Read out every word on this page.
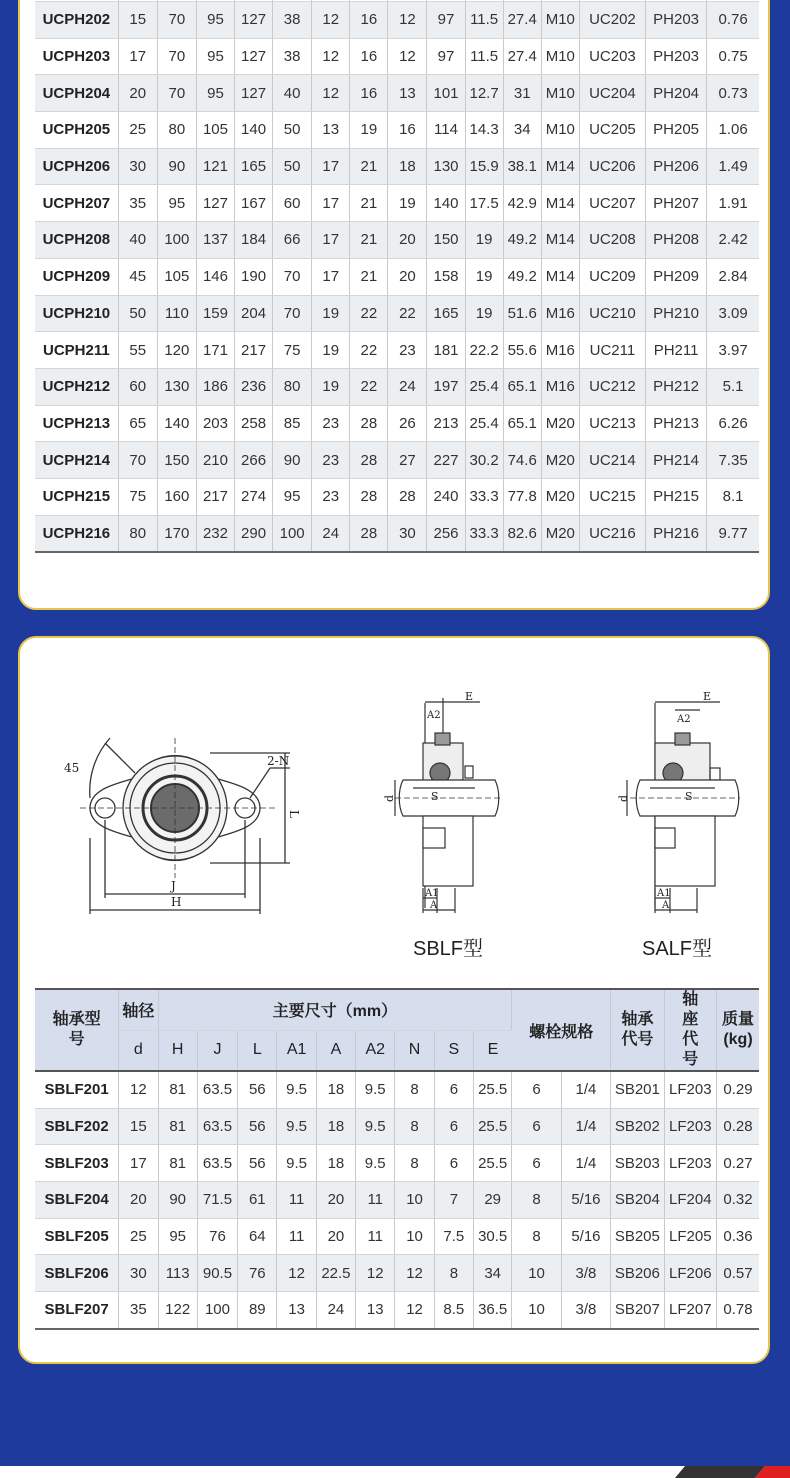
UCPH202	15	70	95	127	38	12	16	12	97	11.5	27.4	M10	UC202	PH203	0.76
UCPH203	17	70	95	127	38	12	16	12	97	11.5	27.4	M10	UC203	PH203	0.75
UCPH204	20	70	95	127	40	12	16	13	101	12.7	31	M10	UC204	PH204	0.73
UCPH205	25	80	105	140	50	13	19	16	114	14.3	34	M10	UC205	PH205	1.06
UCPH206	30	90	121	165	50	17	21	18	130	15.9	38.1	M14	UC206	PH206	1.49
UCPH207	35	95	127	167	60	17	21	19	140	17.5	42.9	M14	UC207	PH207	1.91
UCPH208	40	100	137	184	66	17	21	20	150	19	49.2	M14	UC208	PH208	2.42
UCPH209	45	105	146	190	70	17	21	20	158	19	49.2	M14	UC209	PH209	2.84
UCPH210	50	110	159	204	70	19	22	22	165	19	51.6	M16	UC210	PH210	3.09
UCPH211	55	120	171	217	75	19	22	23	181	22.2	55.6	M16	UC211	PH211	3.97
UCPH212	60	130	186	236	80	19	22	24	197	25.4	65.1	M16	UC212	PH212	5.1
UCPH213	65	140	203	258	85	23	28	26	213	25.4	65.1	M20	UC213	PH213	6.26
UCPH214	70	150	210	266	90	23	28	27	227	30.2	74.6	M20	UC214	PH214	7.35
UCPH215	75	160	217	274	95	23	28	28	240	33.3	77.8	M20	UC215	PH215	8.1
UCPH216	80	170	232	290	100	24	28	30	256	33.3	82.6	M20	UC216	PH216	9.77
45	2-N
J
H
L
E
A2
S
d
A1
A
SBLF型
E
A2
S
d
A1
A
SALF型
轴承型号	轴径	主要尺寸（mm）									螺栓规格		轴承代号	轴座代号	质量(kg)
	d	H	J	L	A1	A	A2	N	S	E					
SBLF201	12	81	63.5	56	9.5	18	9.5	8	6	25.5	6	1/4	SB201	LF203	0.29
SBLF202	15	81	63.5	56	9.5	18	9.5	8	6	25.5	6	1/4	SB202	LF203	0.28
SBLF203	17	81	63.5	56	9.5	18	9.5	8	6	25.5	6	1/4	SB203	LF203	0.27
SBLF204	20	90	71.5	61	11	20	11	10	7	29	8	5/16	SB204	LF204	0.32
SBLF205	25	95	76	64	11	20	11	10	7.5	30.5	8	5/16	SB205	LF205	0.36
SBLF206	30	113	90.5	76	12	22.5	12	12	8	34	10	3/8	SB206	LF206	0.57
SBLF207	35	122	100	89	13	24	13	12	8.5	36.5	10	3/8	SB207	LF207	0.78
